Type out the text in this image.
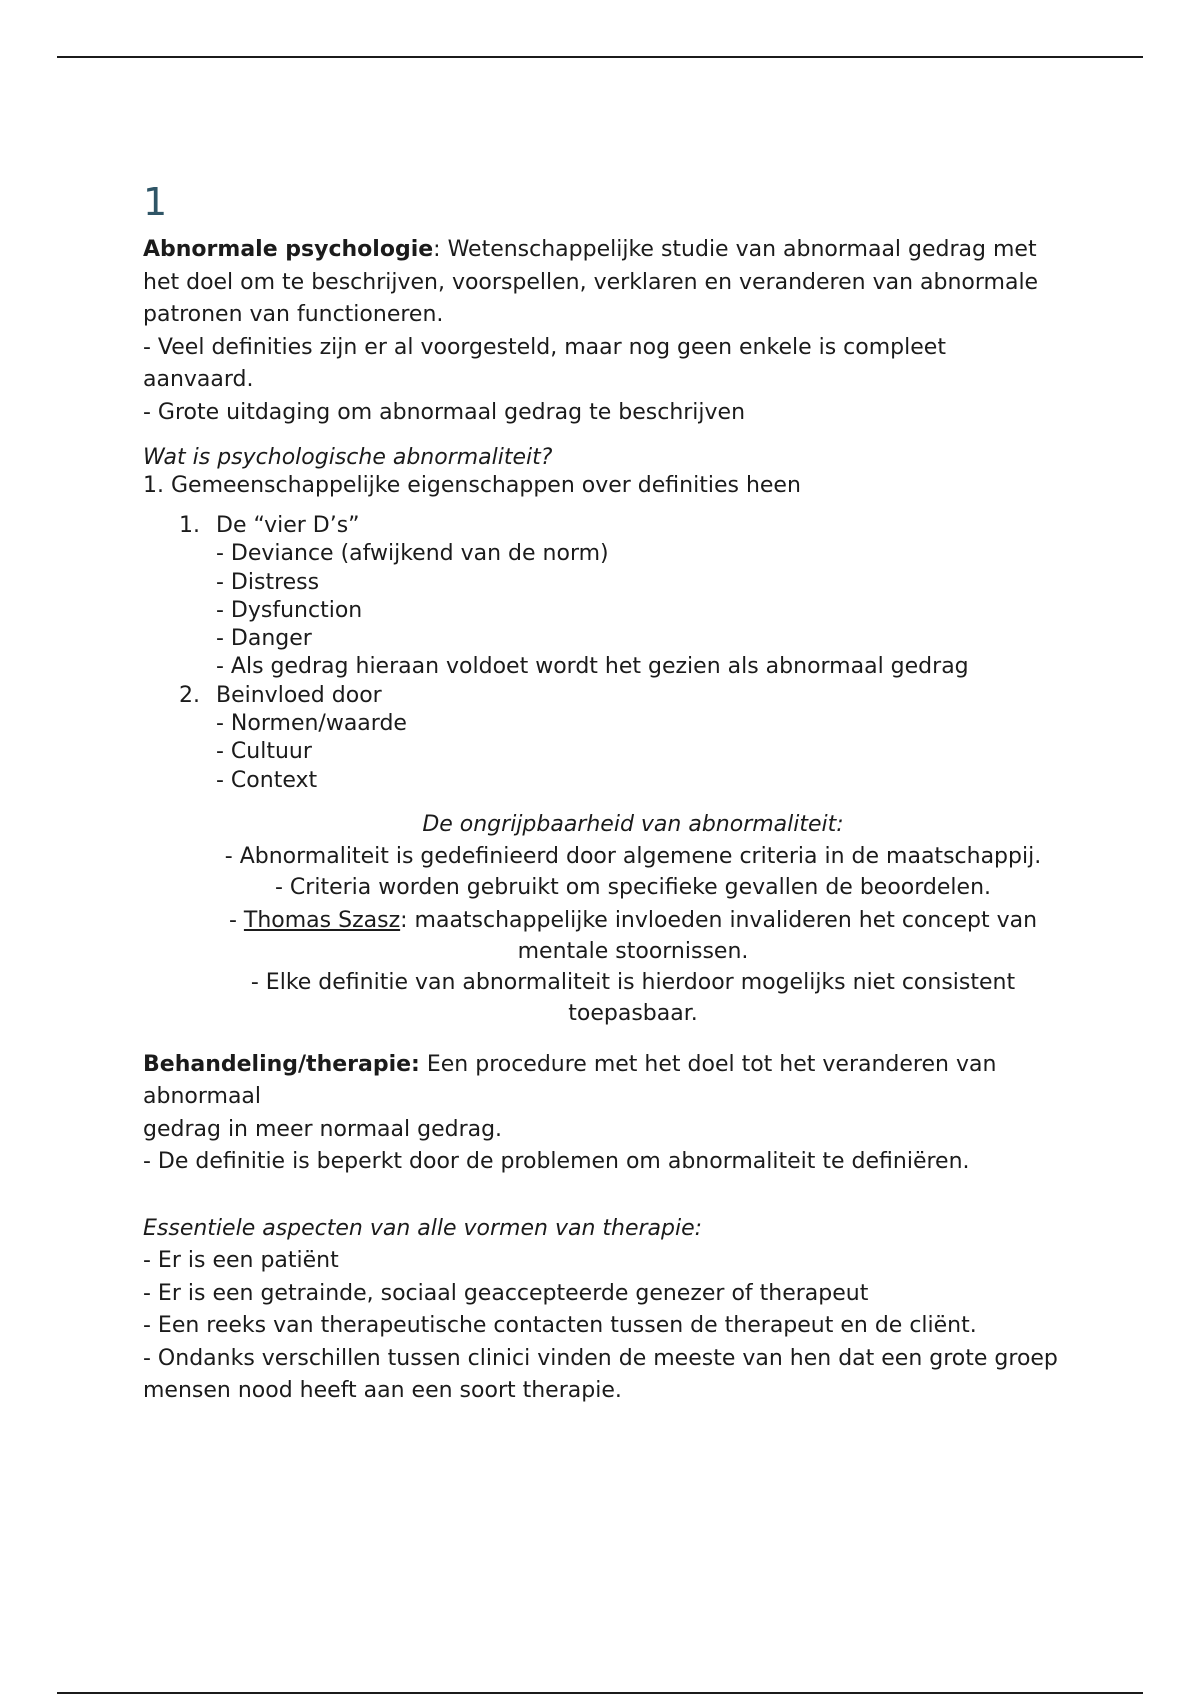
1

Abnormale psychologie: Wetenschappelijke studie van abnormaal gedrag met het doel om te beschrijven, voorspellen, verklaren en veranderen van abnormale patronen van functioneren.

- Veel definities zijn er al voorgesteld, maar nog geen enkele is compleet aanvaard.

- Grote uitdaging om abnormaal gedrag te beschrijven

Wat is psychologische abnormaliteit?

1. Gemeenschappelijke eigenschappen over definities heen

1. De “vier D’s”
- Deviance (afwijkend van de norm)
- Distress
- Dysfunction
- Danger
- Als gedrag hieraan voldoet wordt het gezien als abnormaal gedrag
2. Beinvloed door
- Normen/waarde
- Cultuur
- Context

De ongrijpbaarheid van abnormaliteit:

- Abnormaliteit is gedefinieerd door algemene criteria in de maatschappij.

- Criteria worden gebruikt om specifieke gevallen de beoordelen.

- Thomas Szasz: maatschappelijke invloeden invalideren het concept van mentale stoornissen.

- Elke definitie van abnormaliteit is hierdoor mogelijks niet consistent toepasbaar.

Behandeling/therapie: Een procedure met het doel tot het veranderen van abnormaal

gedrag in meer normaal gedrag.

- De definitie is beperkt door de problemen om abnormaliteit te definiëren.

Essentiele aspecten van alle vormen van therapie:

- Er is een patiënt

- Er is een getrainde, sociaal geaccepteerde genezer of therapeut

- Een reeks van therapeutische contacten tussen de therapeut en de cliënt.

- Ondanks verschillen tussen clinici vinden de meeste van hen dat een grote groep mensen nood heeft aan een soort therapie.
